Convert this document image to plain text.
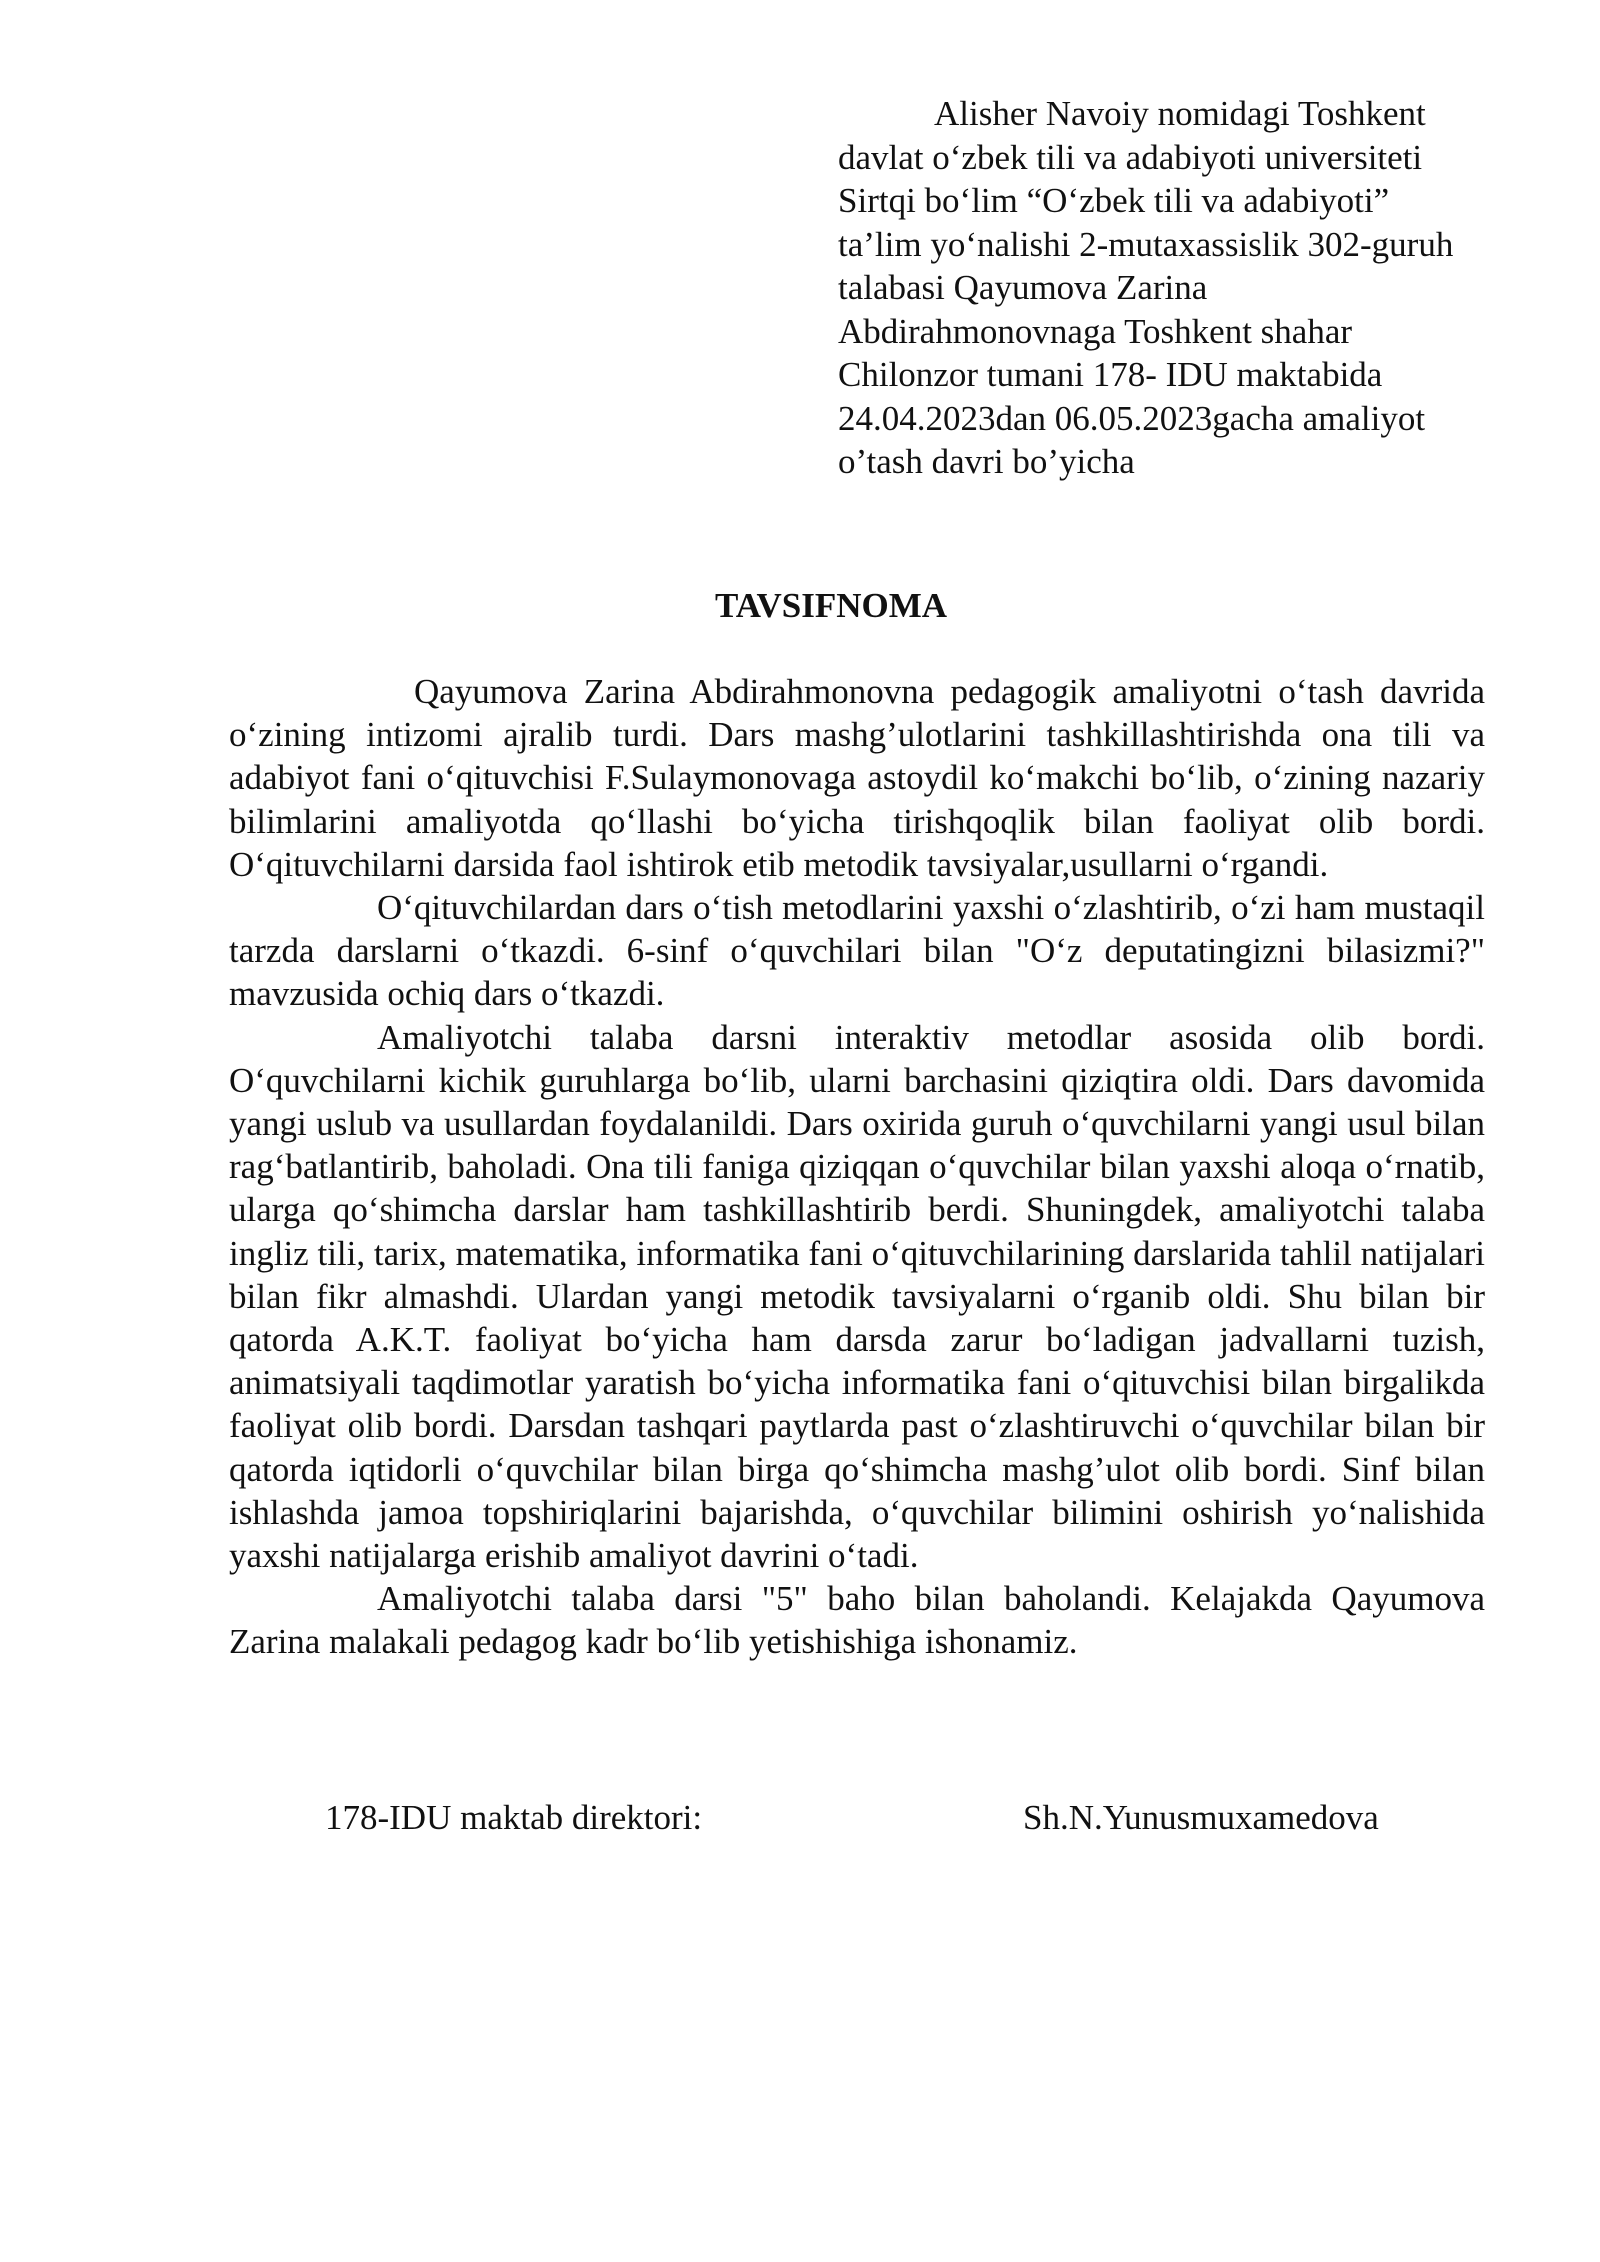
Alisher Navoiy nomidagi Toshkent
davlat o‘zbek tili va adabiyoti universiteti
Sirtqi bo‘lim “O‘zbek tili va adabiyoti”
ta’lim yo‘nalishi 2-mutaxassislik 302-guruh
talabasi Qayumova Zarina
Abdirahmonovnaga Toshkent shahar
Chilonzor tumani 178- IDU maktabida
24.04.2023dan 06.05.2023gacha amaliyot
o’tash davri bo’yicha
TAVSIFNOMA

Qayumova Zarina Abdirahmonovna pedagogik amaliyotni o‘tash davrida o‘zining intizomi ajralib turdi. Dars mashg’ulotlarini tashkillashtirishda ona tili va adabiyot fani o‘qituvchisi F.Sulaymonovaga astoydil ko‘makchi bo‘lib, o‘zining nazariy bilimlarini amaliyotda qo‘llashi bo‘yicha tirishqoqlik bilan faoliyat olib bordi. O‘qituvchilarni darsida faol ishtirok etib metodik tavsiyalar,usullarni o‘rgandi.

O‘qituvchilardan dars o‘tish metodlarini yaxshi o‘zlashtirib, o‘zi ham mustaqil tarzda darslarni o‘tkazdi. 6-sinf o‘quvchilari bilan "O‘z deputatingizni bilasizmi?" mavzusida ochiq dars o‘tkazdi.

Amaliyotchi talaba darsni interaktiv metodlar asosida olib bordi. O‘quvchilarni kichik guruhlarga bo‘lib, ularni barchasini qiziqtira oldi. Dars davomida yangi uslub va usullardan foydalanildi. Dars oxirida guruh o‘quvchilarni yangi usul bilan rag‘batlantirib, baholadi. Ona tili faniga qiziqqan o‘quvchilar bilan yaxshi aloqa o‘rnatib, ularga qo‘shimcha darslar ham tashkillashtirib berdi. Shuningdek, amaliyotchi talaba ingliz tili, tarix, matematika, informatika fani o‘qituvchilarining darslarida tahlil natijalari bilan fikr almashdi. Ulardan yangi metodik tavsiyalarni o‘rganib oldi. Shu bilan bir qatorda A.K.T. faoliyat bo‘yicha ham darsda zarur bo‘ladigan jadvallarni tuzish, animatsiyali taqdimotlar yaratish bo‘yicha informatika fani o‘qituvchisi bilan birgalikda faoliyat olib bordi. Darsdan tashqari paytlarda past o‘zlashtiruvchi o‘quvchilar bilan bir qatorda iqtidorli o‘quvchilar bilan birga qo‘shimcha mashg’ulot olib bordi. Sinf bilan ishlashda jamoa topshiriqlarini bajarishda, o‘quvchilar bilimini oshirish yo‘nalishida yaxshi natijalarga erishib amaliyot davrini o‘tadi.

Amaliyotchi talaba darsi "5" baho bilan baholandi. Kelajakda Qayumova Zarina malakali pedagog kadr bo‘lib yetishishiga ishonamiz.

178-IDU maktab direktori:	Sh.N.Yunusmuxamedova
